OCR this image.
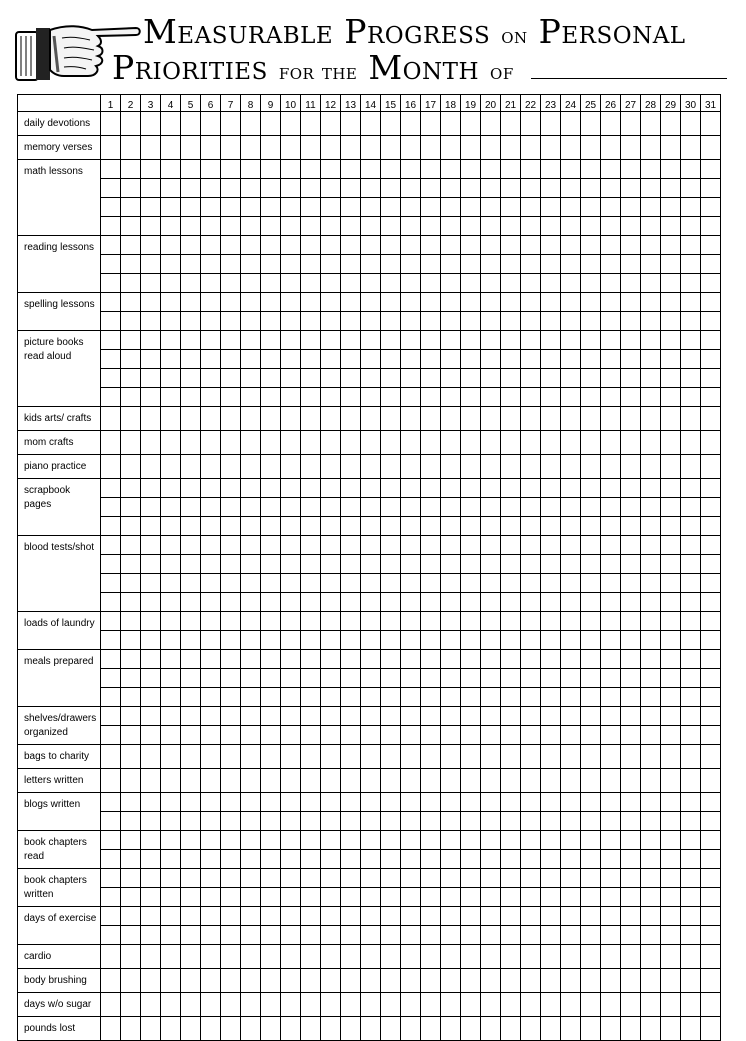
Measurable Progress on Personal
Priorities for the Month of
	1	2	3	4	5	6	7	8	9	10	11	12	13	14	15	16	17	18	19	20	21	22	23	24	25	26	27	28	29	30	31
daily devotions																															
memory verses																															
math lessons																															

reading lessons																															

spelling lessons																															

picture books read aloud																															

kids arts/ crafts																															
mom crafts																															
piano practice																															
scrapbook pages																															

blood tests/shot																															

loads of laundry																															

meals prepared																															

shelves/drawers organized																															

bags to charity																															
letters written																															
blogs written																															

book chapters read																															

book chapters written																															

days of exercise																															

cardio																															
body brushing																															
days w/o sugar																															
pounds lost																															
